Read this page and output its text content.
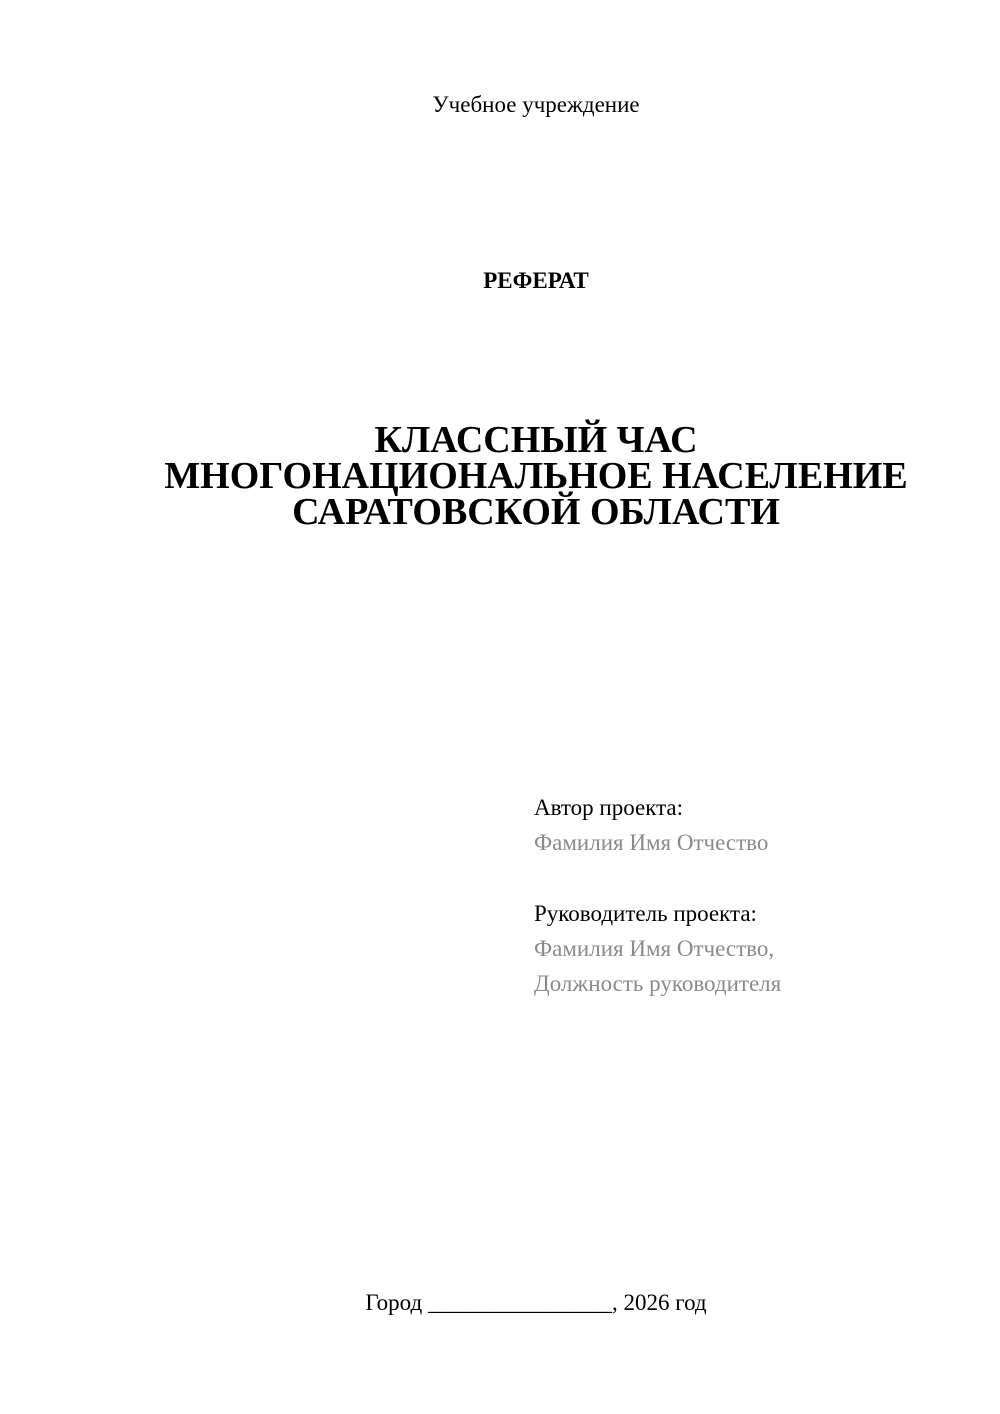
Учебное учреждение
РЕФЕРАТ
КЛАССНЫЙ ЧАС
МНОГОНАЦИОНАЛЬНОЕ НАСЕЛЕНИЕ
САРАТОВСКОЙ ОБЛАСТИ
Автор проекта:
Фамилия Имя Отчество
Руководитель проекта:
Фамилия Имя Отчество,
Должность руководителя
Город ________________, 2026 год
